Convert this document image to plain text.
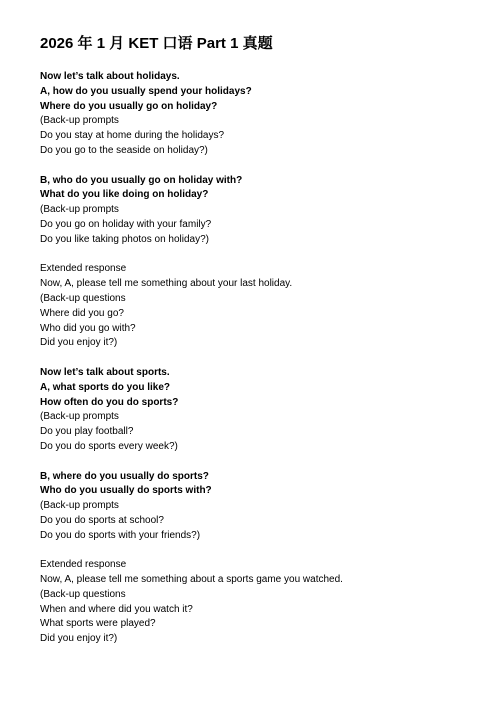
2026 年 1 月 KET 口语 Part 1 真题
Now let’s talk about holidays.
A, how do you usually spend your holidays?
Where do you usually go on holiday?
(Back-up prompts
Do you stay at home during the holidays?
Do you go to the seaside on holiday?)
B, who do you usually go on holiday with?
What do you like doing on holiday?
(Back-up prompts
Do you go on holiday with your family?
Do you like taking photos on holiday?)
Extended response
Now, A, please tell me something about your last holiday.
(Back-up questions
Where did you go?
Who did you go with?
Did you enjoy it?)
Now let’s talk about sports.
A, what sports do you like?
How often do you do sports?
(Back-up prompts
Do you play football?
Do you do sports every week?)
B, where do you usually do sports?
Who do you usually do sports with?
(Back-up prompts
Do you do sports at school?
Do you do sports with your friends?)
Extended response
Now, A, please tell me something about a sports game you watched.
(Back-up questions
When and where did you watch it?
What sports were played?
Did you enjoy it?)
